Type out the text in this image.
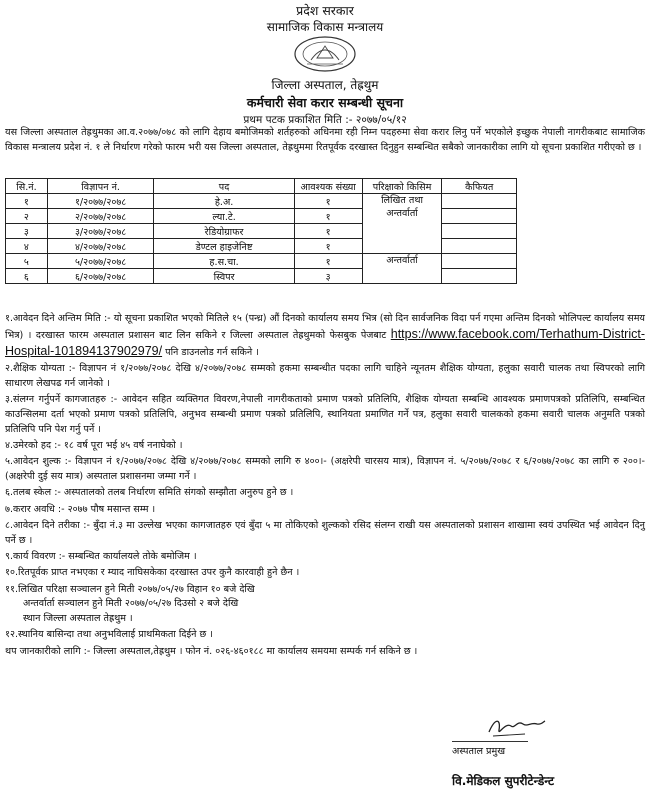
प्रदेश सरकार
सामाजिक विकास मन्त्रालय
जिल्ला अस्पताल, तेह्रथुम
कर्मचारी सेवा करार सम्बन्धी सूचना
प्रथम पटक प्रकाशित मिति :- २०७७/०५/१२
यस जिल्ला अस्पताल तेह्रथुमका आ.व.२०७७/०७८ को लागि देहाय बमोजिमको शर्तहरुको अधिनमा रही निम्न पदहरुमा सेवा करार लिनु पर्ने भएकोले इच्छुक नेपाली नागरीकबाट सामाजिक विकास मन्त्रालय प्रदेश नं. १ ले निर्धारण गरेको फारम भरी यस जिल्ला अस्पताल, तेह्रथुममा रितपूर्वक दरखास्त दिनुहुन सम्बन्धित सबैको जानकारीका लागि यो सूचना प्रकाशित गरीएको छ ।
सि.नं.	विज्ञापन नं.	पद	आवश्यक संख्या	परिक्षाको किसिम	कैफियत
१	१/२०७७/२०७८	हे.अ.	१	लिखित तथा अन्तर्वार्ता	
२	२/२०७७/२०७८	ल्या.टे.	१		
३	३/२०७७/२०७८	रेडियोग्राफर	१		
४	४/२०७७/२०७८	डेण्टल हाइजेनिष्ट	१		
५	५/२०७७/२०७८	ह.स.चा.	१	अन्तर्वार्ता	
६	६/२०७७/२०७८	स्विपर	३		

१.आवेदन दिने अन्तिम मिति :- यो सूचना प्रकाशित भएको मितिले १५ (पन्ध्र) औं दिनको कार्यालय समय भित्र (सो दिन सार्वजनिक विदा पर्न गएमा अन्तिम दिनको भोलिपल्ट कार्यालय समय भित्र) । दरखास्त फारम अस्पताल प्रशासन बाट लिन सकिने र जिल्ला अस्पताल तेह्रथुमको फेसबुक पेजबाट https://www.facebook.com/Terhathum-District-Hospital-101894137902979/ पनि डाउनलोड गर्न सकिने ।

२.शैक्षिक योग्यता :- विज्ञापन नं १/२०७७/२०७८ देखि ४/२०७७/२०७८ सम्मको हकमा सम्बन्धीत पदका लागि चाहिने न्यूनतम शैक्षिक योग्यता, हलुका सवारी चालक तथा स्विपरको लागि साधारण लेखपढ गर्न जानेको ।

३.संलग्न गर्नुपर्ने कागजातहरु :- आवेदन सहित व्यक्तिगत विवरण,नेपाली नागरीकताको प्रमाण पत्रको प्रतिलिपि, शैक्षिक योग्यता सम्बन्धि आवश्यक प्रमाणपत्रको प्रतिलिपि, सम्बन्धित काउन्सिलमा दर्ता भएको प्रमाण पत्रको प्रतिलिपि, अनुभव सम्बन्धी प्रमाण पत्रको प्रतिलिपि, स्थानियता प्रमाणित गर्ने पत्र, हलुका सवारी चालकको हकमा सवारी चालक अनुमति पत्रको प्रतिलिपि पनि पेश गर्नु पर्ने ।

४.उमेरको हद :- १८ वर्ष पूरा भई ४५ वर्ष ननाघेको ।

५.आवेदन शुल्क :- विज्ञापन नं १/२०७७/२०७८ देखि ४/२०७७/२०७८ सम्मको लागि रु ४००।- (अक्षरेपी चारसय मात्र), विज्ञापन नं. ५/२०७७/२०७८ र ६/२०७७/२०७८ का लागि रु २००।- (अक्षरेपी दुई सय मात्र) अस्पताल प्रशासनमा जम्मा गर्ने ।

६.तलब स्केल :- अस्पतालको तलब निर्धारण समिति संगको सम्झौता अनुरुप हुने छ ।

७.करार अवधि :- २०७७ पौष मसान्त सम्म ।

८.आवेदन दिने तरीका :- बुँदा नं.३ मा उल्लेख भएका कागजातहरु एवं बुँदा ५ मा तोकिएको शुल्कको रसिद संलग्न राखी यस अस्पतालको प्रशासन शाखामा स्वयं उपस्थित भई आवेदन दिनु पर्ने छ ।

९.कार्य विवरण :- सम्बन्धित कार्यालयले तोके बमोजिम ।

१०.रितपूर्वक प्राप्त नभएका र म्याद नाघिसकेका दरखास्त उपर कुनै कारवाही हुने छैन ।

११.लिखित परिक्षा सञ्चालन हुने मिती २०७७/०५/२७ विहान १० बजे देखि
अन्तर्वार्ता सञ्चालन हुने मिती २०७७/०५/२७ दिउसो २ बजे देखि
स्थान जिल्ला अस्पताल तेह्रथुम ।

१२.स्थानिय बासिन्दा तथा अनुभविलाई प्राथमिकता दिईने छ ।

थप जानकारीको लागि :- जिल्ला अस्पताल,तेह्रथुम । फोन नं. ०२६-४६०१८८ मा कार्यालय समयमा सम्पर्क गर्न सकिने छ ।

अस्पताल प्रमुख
वि.मेडिकल सुपरीटेन्डेन्ट
